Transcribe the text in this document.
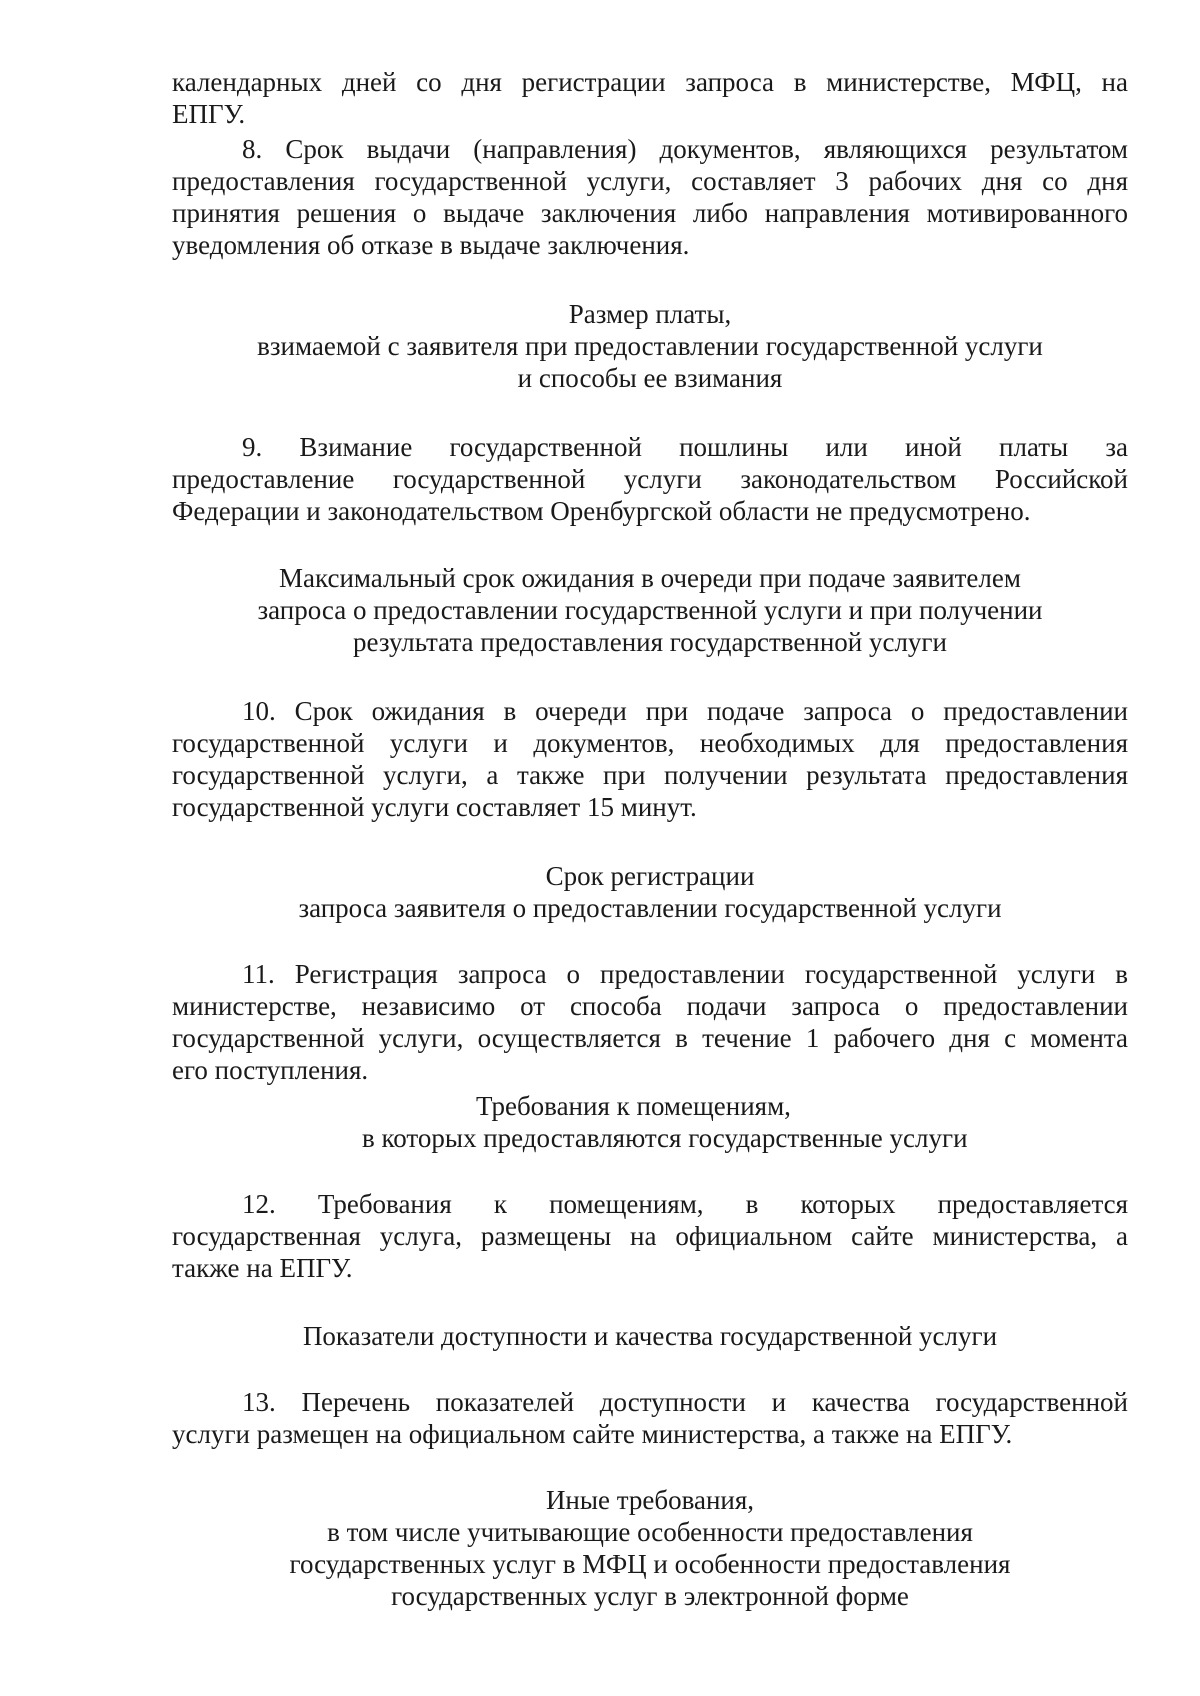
календарных дней со дня регистрации запроса в министерстве, МФЦ, на
ЕПГУ.
8. Срок выдачи (направления) документов, являющихся результатом
предоставления государственной услуги, составляет 3 рабочих дня со дня
принятия решения о выдаче заключения либо направления мотивированного
уведомления об отказе в выдаче заключения.
Размер платы,
взимаемой с заявителя при предоставлении государственной услуги
и способы ее взимания
9. Взимание государственной пошлины или иной платы за
предоставление государственной услуги законодательством Российской
Федерации и законодательством Оренбургской области не предусмотрено.
Максимальный срок ожидания в очереди при подаче заявителем
запроса о предоставлении государственной услуги и при получении
результата предоставления государственной услуги
10. Срок ожидания в очереди при подаче запроса о предоставлении
государственной услуги и документов, необходимых для предоставления
государственной услуги, а также при получении результата предоставления
государственной услуги составляет 15 минут.
Срок регистрации
запроса заявителя о предоставлении государственной услуги
11. Регистрация запроса о предоставлении государственной услуги в
министерстве, независимо от способа подачи запроса о предоставлении
государственной услуги, осуществляется в течение 1 рабочего дня с момента
его поступления.
Требования к помещениям,
в которых предоставляются государственные услуги
12. Требования к помещениям, в которых предоставляется
государственная услуга, размещены на официальном сайте министерства, а
также на ЕПГУ.
Показатели доступности и качества государственной услуги
13. Перечень показателей доступности и качества государственной
услуги размещен на официальном сайте министерства, а также на ЕПГУ.
Иные требования,
в том числе учитывающие особенности предоставления
государственных услуг в МФЦ и особенности предоставления
государственных услуг в электронной форме
